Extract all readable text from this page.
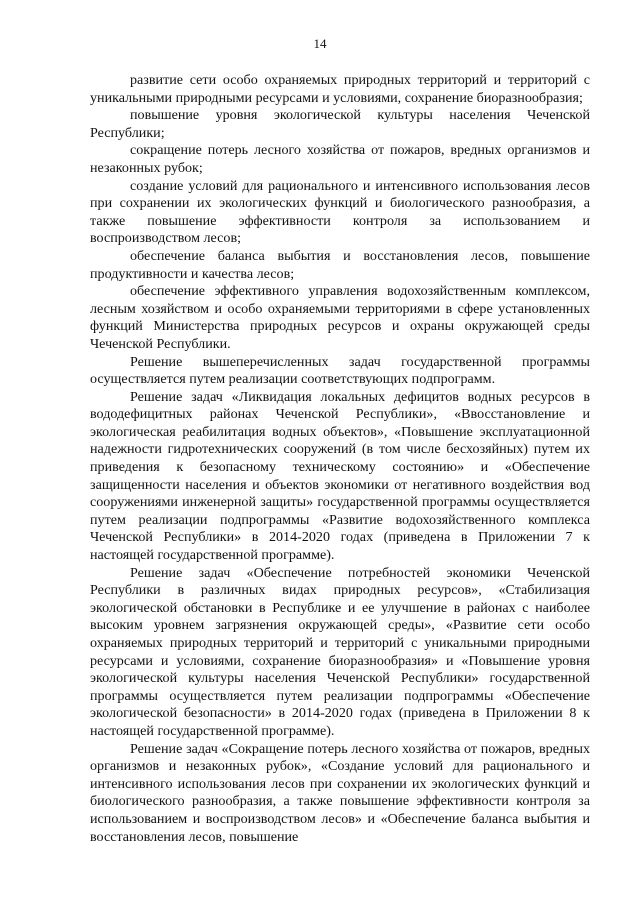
14

развитие сети особо охраняемых природных территорий и территорий с уникальными природными ресурсами и условиями, сохранение биоразнообразия;

повышение уровня экологической культуры населения Чеченской Республики;

сокращение потерь лесного хозяйства от пожаров, вредных организмов и незаконных рубок;

создание условий для рационального и интенсивного использования лесов при сохранении их экологических функций и биологического разнообразия, а также повышение эффективности контроля за использованием и воспроизводством лесов;

обеспечение баланса выбытия и восстановления лесов, повышение продуктивности и качества лесов;

обеспечение эффективного управления водохозяйственным комплексом, лесным хозяйством и особо охраняемыми территориями в сфере установленных функций Министерства природных ресурсов и охраны окружающей среды Чеченской Республики.

Решение вышеперечисленных задач государственной программы осуществляется путем реализации соответствующих подпрограмм.

Решение задач «Ликвидация локальных дефицитов водных ресурсов в вододефицитных районах Чеченской Республики», «Ввосстановление и экологическая реабилитация водных объектов», «Повышение эксплуатационной надежности гидротехнических сооружений (в том числе бесхозяйных) путем их приведения к безопасному техническому состоянию» и «Обеспечение защищенности населения и объектов экономики от негативного воздействия вод сооружениями инженерной защиты» государственной программы осуществляется путем реализации подпрограммы «Развитие водохозяйственного комплекса Чеченской Республики» в 2014-2020 годах (приведена в Приложении 7 к настоящей государственной программе).

Решение задач «Обеспечение потребностей экономики Чеченской Республики в различных видах природных ресурсов», «Стабилизация экологической обстановки в Республике и ее улучшение в районах с наиболее высоким уровнем загрязнения окружающей среды», «Развитие сети особо охраняемых природных территорий и территорий с уникальными природными ресурсами и условиями, сохранение биоразнообразия» и «Повышение уровня экологической культуры населения Чеченской Республики» государственной программы осуществляется путем реализации подпрограммы «Обеспечение экологической безопасности» в 2014-2020 годах (приведена в Приложении 8 к настоящей государственной программе).

Решение задач «Сокращение потерь лесного хозяйства от пожаров, вредных организмов и незаконных рубок», «Создание условий для рационального и интенсивного использования лесов при сохранении их экологических функций и биологического разнообразия, а также повышение эффективности контроля за использованием и воспроизводством лесов» и «Обеспечение баланса выбытия и восстановления лесов, повышение
